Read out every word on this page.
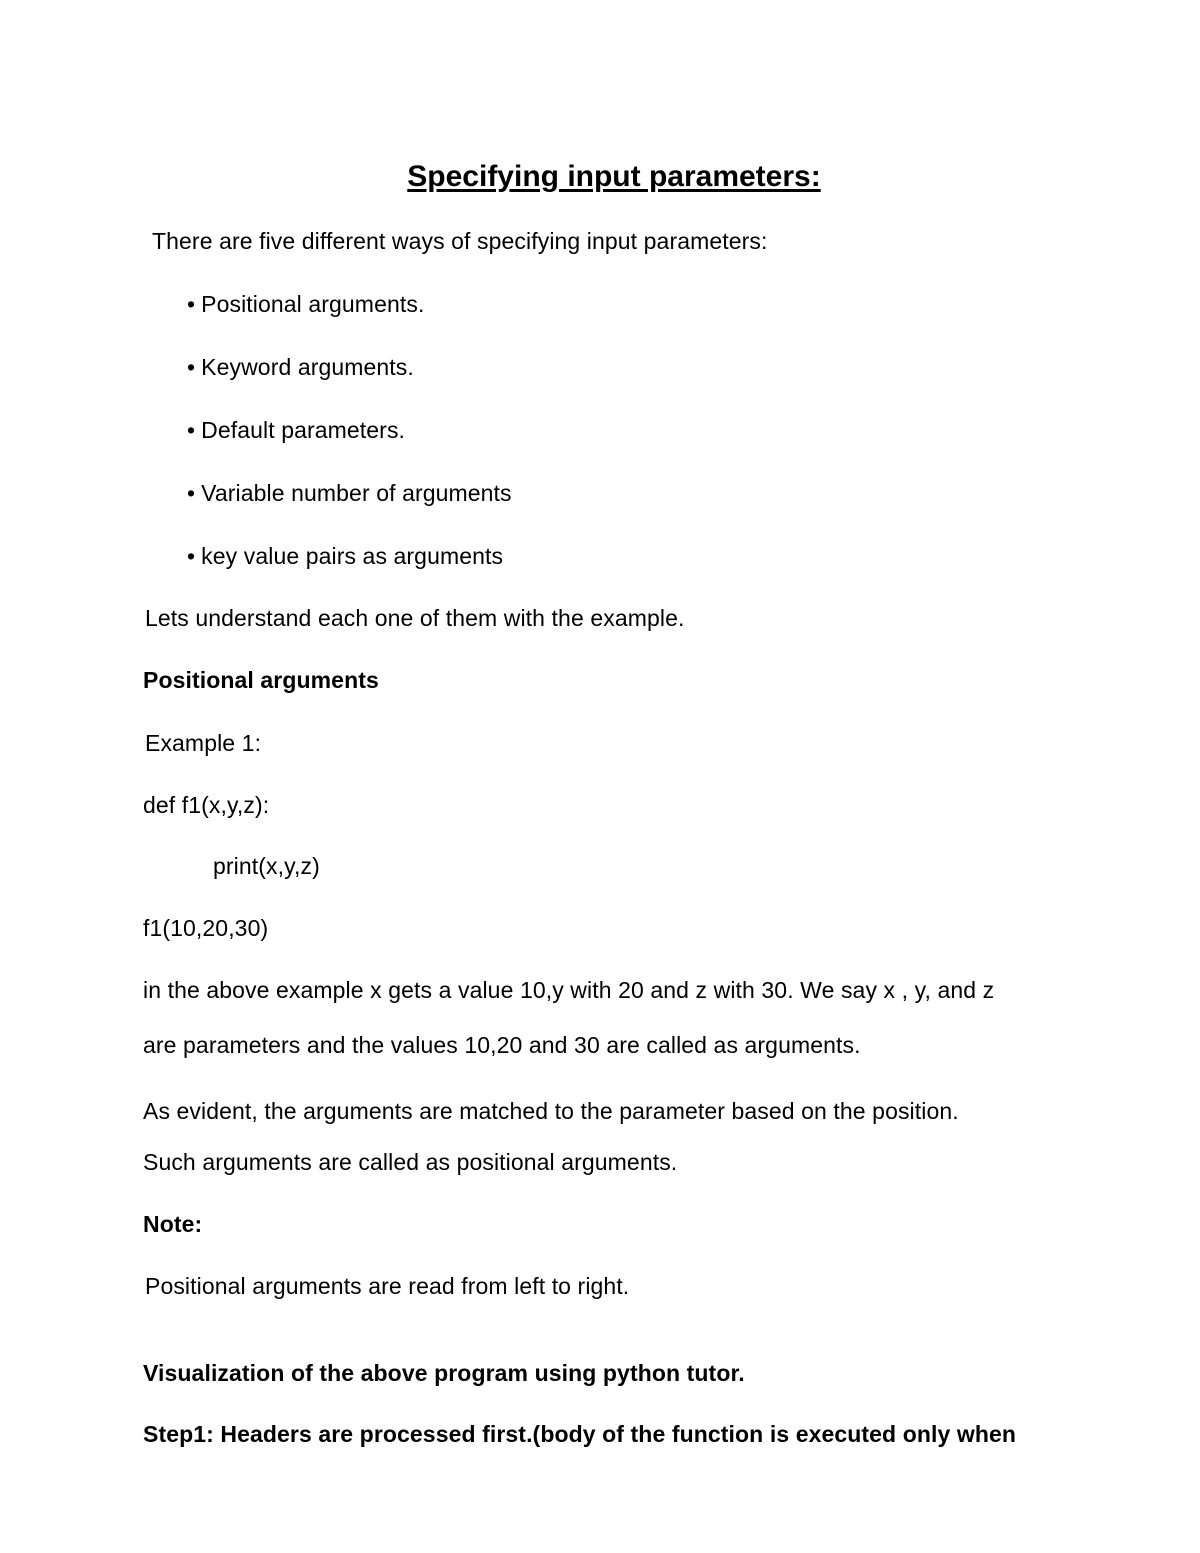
Specifying input parameters:
There are five different ways of specifying input parameters:
• Positional arguments.
• Keyword arguments.
• Default parameters.
• Variable number of arguments
• key value pairs as arguments
Lets understand each one of them with the example.
Positional arguments
Example 1:
def f1(x,y,z):
print(x,y,z)
f1(10,20,30)
in the above example x gets a value 10,y with 20 and z with 30. We say x , y, and z
are parameters and the values 10,20 and 30 are called as arguments.
As evident, the arguments are matched to the parameter based on the position.
Such arguments are called as positional arguments.
Note:
Positional arguments are read from left to right.
Visualization of the above program using python tutor.
Step1: Headers are processed first.(body of the function is executed only when
